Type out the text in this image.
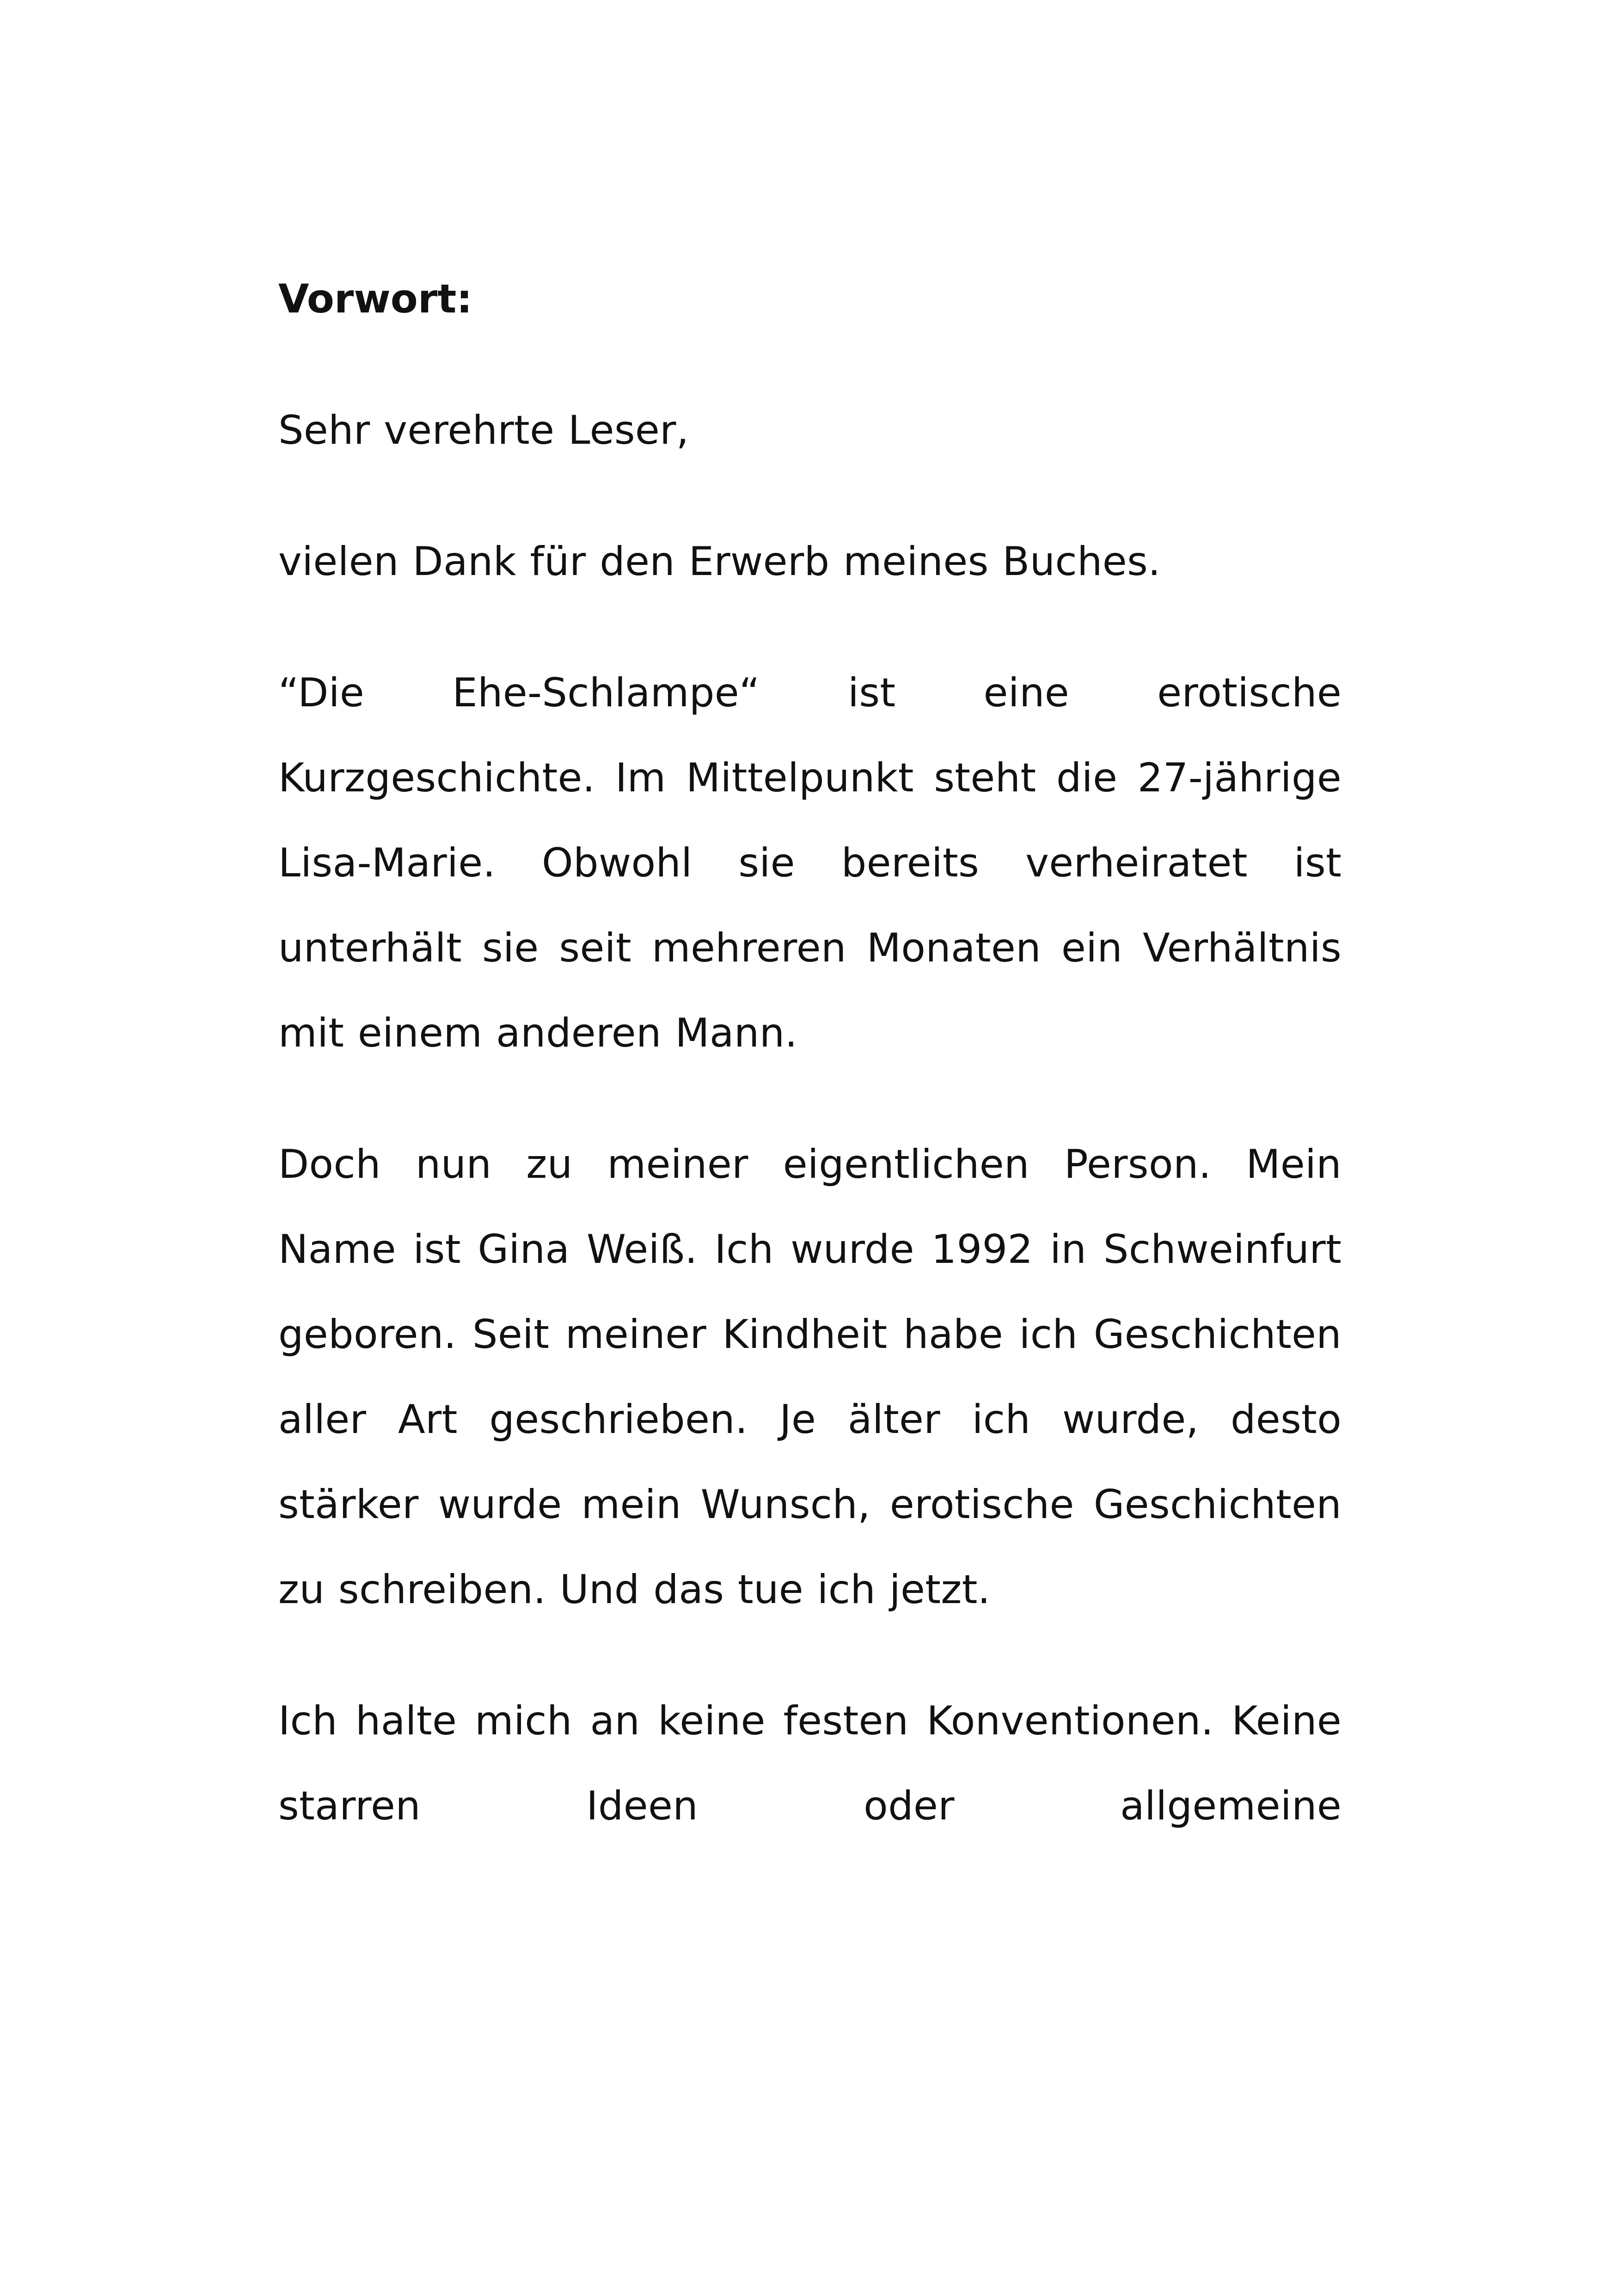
Vorwort:

Sehr verehrte Leser,

vielen Dank für den Erwerb meines Buches.

“Die Ehe-Schlampe“ ist eine erotische Kurzgeschichte. Im Mittelpunkt steht die 27-jährige Lisa-Marie. Obwohl sie bereits verheiratet ist unterhält sie seit mehreren Monaten ein Verhältnis mit einem anderen Mann.

Doch nun zu meiner eigentlichen Person. Mein Name ist Gina Weiß. Ich wurde 1992 in Schweinfurt geboren. Seit meiner Kindheit habe ich Geschichten aller Art geschrieben. Je älter ich wurde, desto stärker wurde mein Wunsch, erotische Geschichten zu schreiben. Und das tue ich jetzt.

Ich halte mich an keine festen Konventionen. Keine starren Ideen oder allgemeine
